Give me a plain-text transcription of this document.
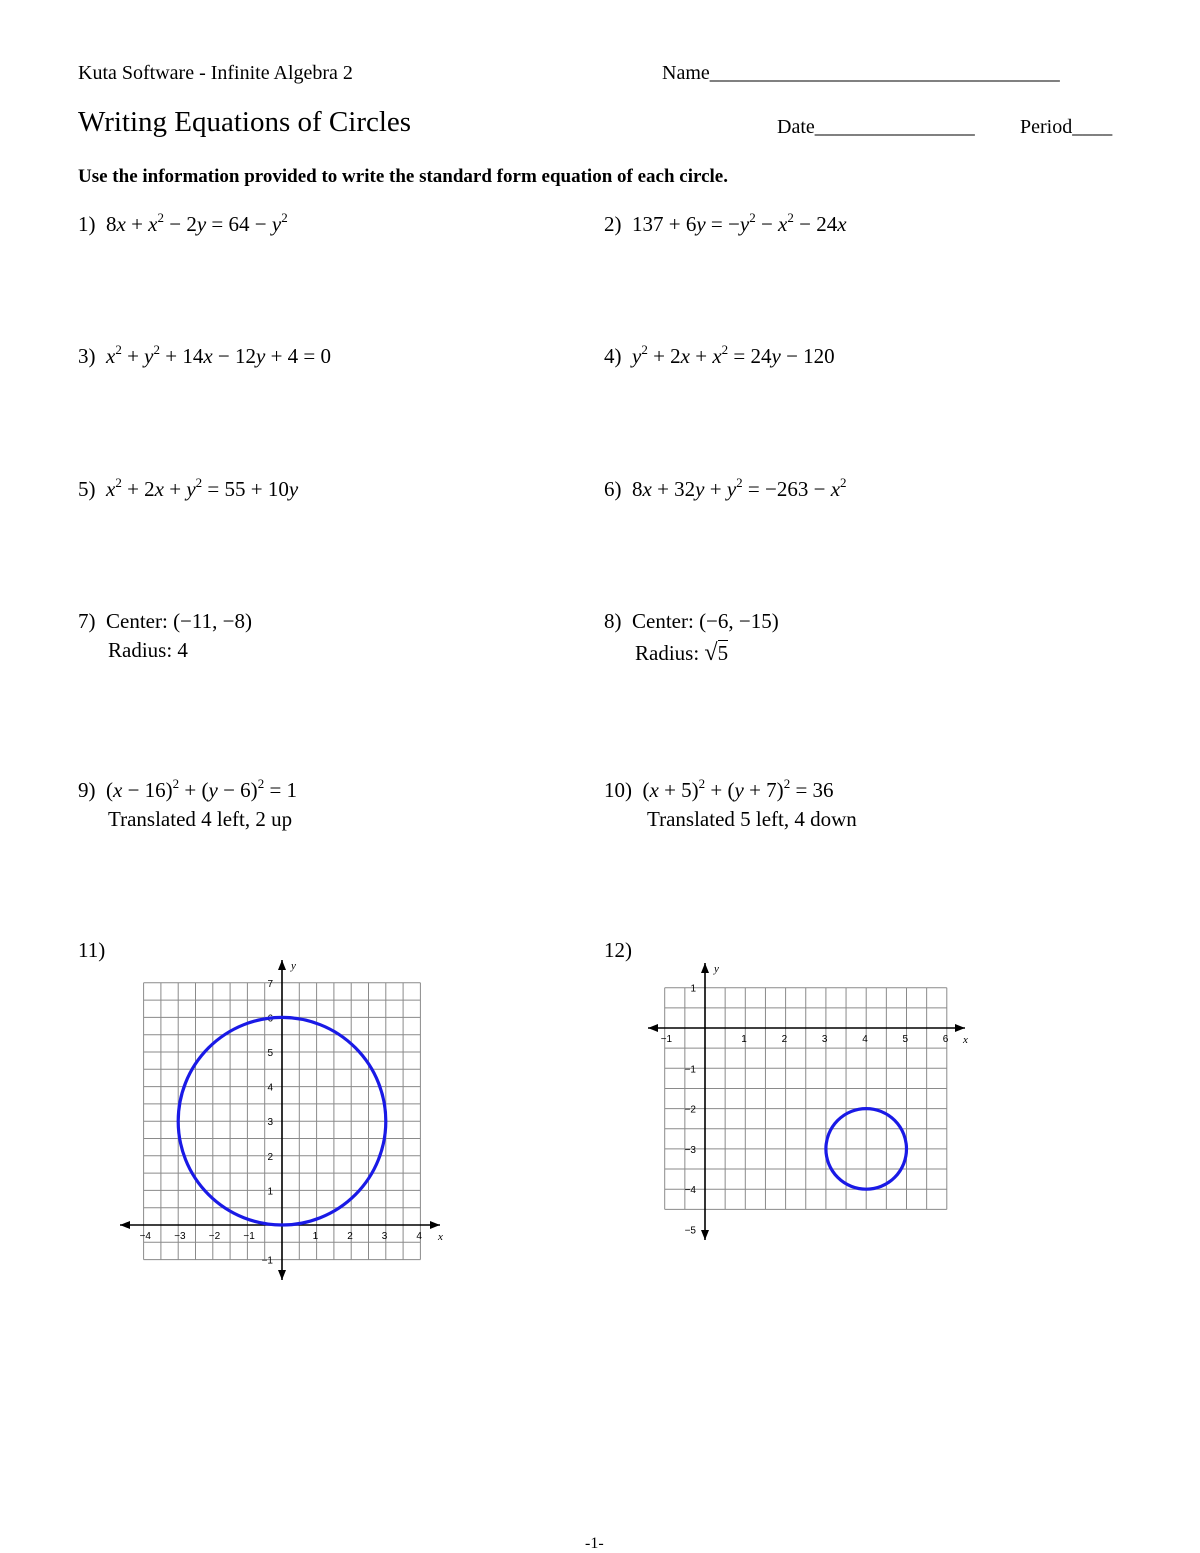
Kuta Software - Infinite Algebra 2	Name___________________________________
Writing Equations of Circles	Date________________ Period____
Use the information provided to write the standard form equation of each circle.
1) $8x + x^2 - 2y = 64 - y^2$	2) $137 + 6y = -y^2 - x^2 - 24x$
3) $x^2 + y^2 + 14x - 12y + 4 = 0$	4) $y^2 + 2x + x^2 = 24y - 120$
5) $x^2 + 2x + y^2 = 55 + 10y$	6) $8x + 32y + y^2 = -263 - x^2$
7) Center: (−11, −8)
Radius: 4
8) Center: (−6, −15)
Radius: √5
9) $(x - 16)^2 + (y - 6)^2 = 1$
Translated 4 left, 2 up
10) $(x + 5)^2 + (y + 7)^2 = 36$
Translated 5 left, 4 down
11)	12)
x
y
−4 −3 −2 −1	1	2	3	4
−1
1
2
3
4
5
6
7
x
y
−1	1	2	3	4	5	6
1
−1
−2
−3
−4
−5
-1-
